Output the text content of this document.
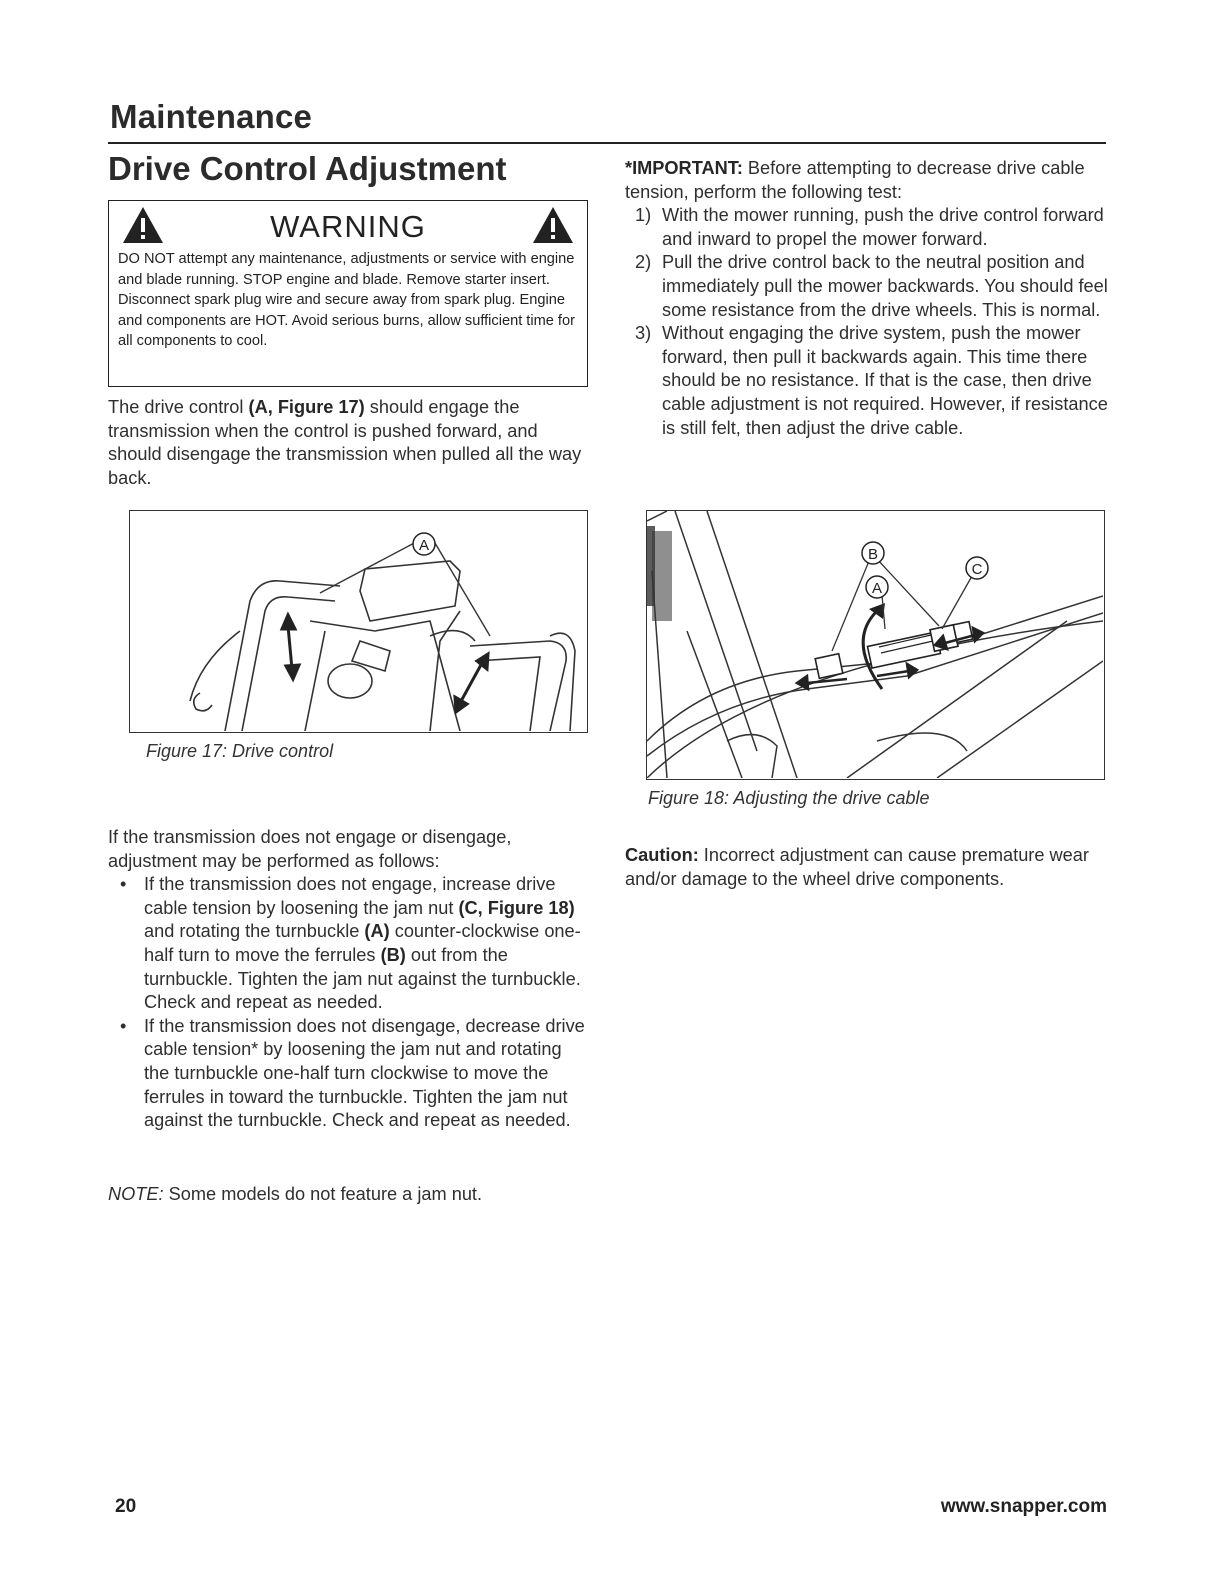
Maintenance
Drive Control Adjustment
WARNING
DO NOT attempt any maintenance, adjustments or service with engine and blade running. STOP engine and blade. Remove starter insert. Disconnect spark plug wire and secure away from spark plug. Engine and components are HOT. Avoid serious burns, allow sufficient time for all components to cool.
The drive control (A, Figure 17) should engage the transmission when the control is pushed forward, and should disengage the transmission when pulled all the way back.
A
Figure 17: Drive control
If the transmission does not engage or disengage, adjustment may be performed as follows:
• If the transmission does not engage, increase drive cable tension by loosening the jam nut (C, Figure 18) and rotating the turnbuckle (A) counter-clockwise one-half turn to move the ferrules (B) out from the turnbuckle. Tighten the jam nut against the turnbuckle. Check and repeat as needed.
• If the transmission does not disengage, decrease drive cable tension* by loosening the jam nut and rotating the turnbuckle one-half turn clockwise to move the ferrules in toward the turnbuckle. Tighten the jam nut against the turnbuckle. Check and repeat as needed.
NOTE: Some models do not feature a jam nut.
*IMPORTANT: Before attempting to decrease drive cable tension, perform the following test:
1) With the mower running, push the drive control forward and inward to propel the mower forward.
2) Pull the drive control back to the neutral position and immediately pull the mower backwards. You should feel some resistance from the drive wheels. This is normal.
3) Without engaging the drive system, push the mower forward, then pull it backwards again. This time there should be no resistance. If that is the case, then drive cable adjustment is not required. However, if resistance is still felt, then adjust the drive cable.
B
C
A
Figure 18: Adjusting the drive cable
Caution: Incorrect adjustment can cause premature wear and/or damage to the wheel drive components.
20	www.snapper.com
